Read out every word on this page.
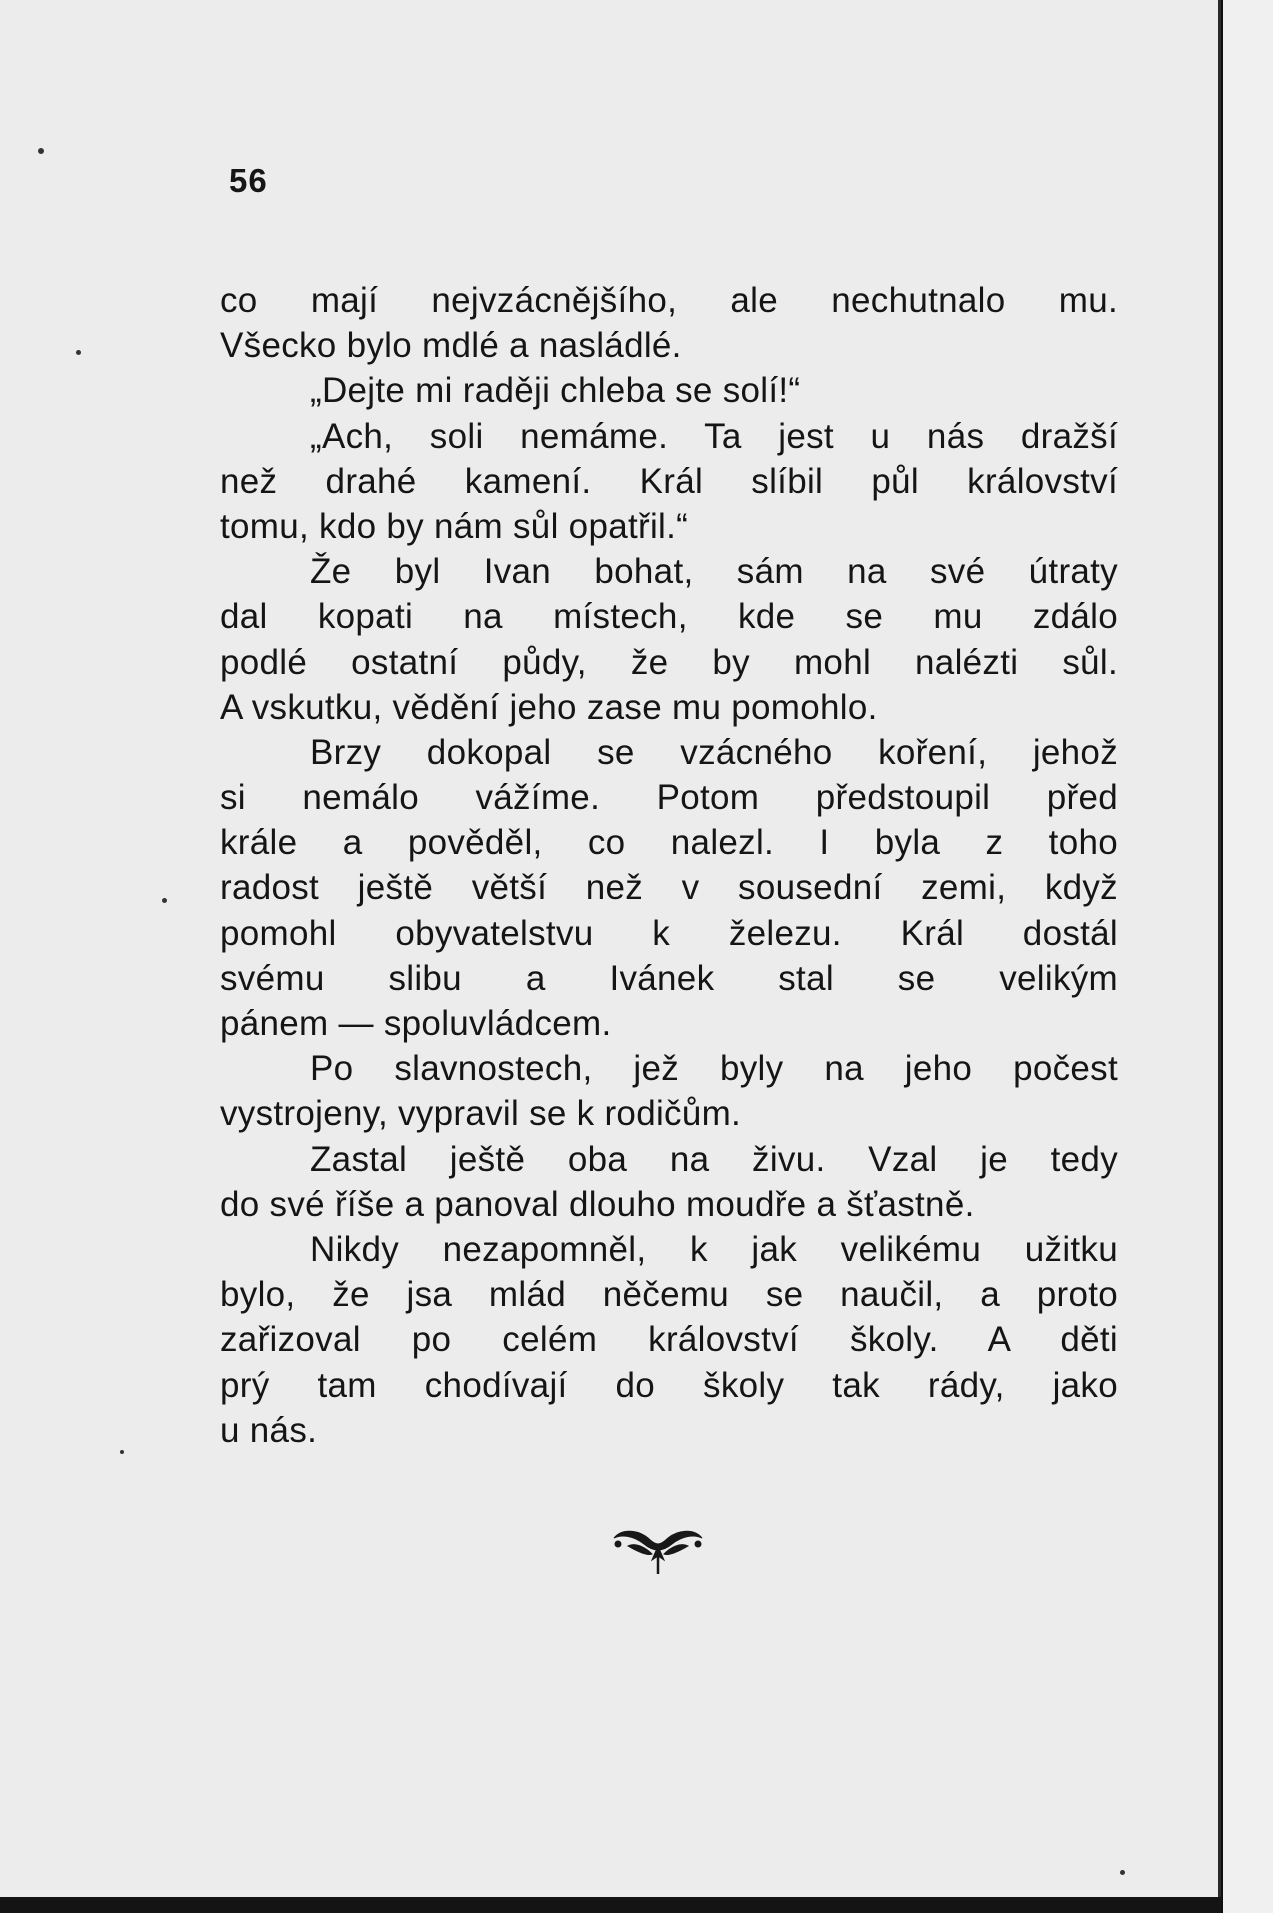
56
co mají nejvzácnějšího, ale nechutnalo mu.
Všecko bylo mdlé a nasládlé.
„Dejte mi raději chleba se solí!“
„Ach, soli nemáme. Ta jest u nás dražší
než drahé kamení. Král slíbil půl království
tomu, kdo by nám sůl opatřil.“
Že byl Ivan bohat, sám na své útraty
dal kopati na místech, kde se mu zdálo
podlé ostatní půdy, že by mohl nalézti sůl.
A vskutku, vědění jeho zase mu pomohlo.
Brzy dokopal se vzácného koření, jehož
si nemálo vážíme. Potom předstoupil před
krále a pověděl, co nalezl. I byla z toho
radost ještě větší než v sousední zemi, když
pomohl obyvatelstvu k železu. Král dostál
svému slibu a Ivánek stal se velikým
pánem — spoluvládcem.
Po slavnostech, jež byly na jeho počest
vystrojeny, vypravil se k rodičům.
Zastal ještě oba na živu. Vzal je tedy
do své říše a panoval dlouho moudře a šťastně.
Nikdy nezapomněl, k jak velikému užitku
bylo, že jsa mlád něčemu se naučil, a proto
zařizoval po celém království školy. A děti
prý tam chodívají do školy tak rády, jako
u nás.
